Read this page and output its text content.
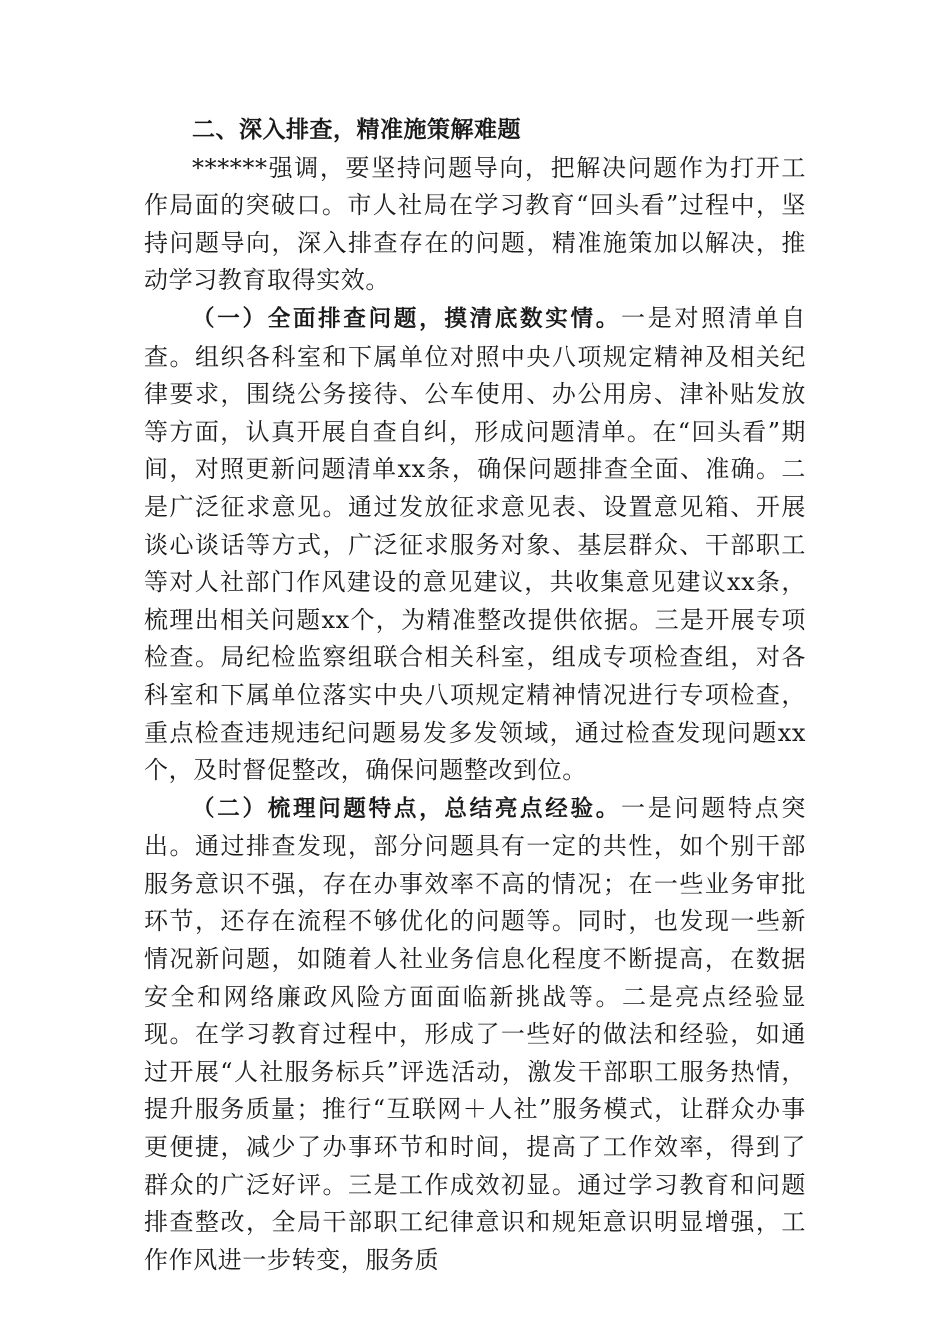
二、深入排查，精准施策解难题

******强调，要坚持问题导向，把解决问题作为打开工作局面的突破口。市人社局在学习教育“回头看”过程中，坚持问题导向，深入排查存在的问题，精准施策加以解决，推动学习教育取得实效。

（一）全面排查问题，摸清底数实情。一是对照清单自查。组织各科室和下属单位对照中央八项规定精神及相关纪律要求，围绕公务接待、公车使用、办公用房、津补贴发放等方面，认真开展自查自纠，形成问题清单。在“回头看”期间，对照更新问题清单xx条，确保问题排查全面、准确。二是广泛征求意见。通过发放征求意见表、设置意见箱、开展谈心谈话等方式，广泛征求服务对象、基层群众、干部职工等对人社部门作风建设的意见建议，共收集意见建议xx条，梳理出相关问题xx个，为精准整改提供依据。三是开展专项检查。局纪检监察组联合相关科室，组成专项检查组，对各科室和下属单位落实中央八项规定精神情况进行专项检查，重点检查违规违纪问题易发多发领域，通过检查发现问题xx个，及时督促整改，确保问题整改到位。

（二）梳理问题特点，总结亮点经验。一是问题特点突出。通过排查发现，部分问题具有一定的共性，如个别干部服务意识不强，存在办事效率不高的情况；在一些业务审批环节，还存在流程不够优化的问题等。同时，也发现一些新情况新问题，如随着人社业务信息化程度不断提高，在数据安全和网络廉政风险方面面临新挑战等。二是亮点经验显现。在学习教育过程中，形成了一些好的做法和经验，如通过开展“人社服务标兵”评选活动，激发干部职工服务热情，提升服务质量；推行“互联网＋人社”服务模式，让群众办事更便捷，减少了办事环节和时间，提高了工作效率，得到了群众的广泛好评。三是工作成效初显。通过学习教育和问题排查整改，全局干部职工纪律意识和规矩意识明显增强，工作作风进一步转变，服务质
